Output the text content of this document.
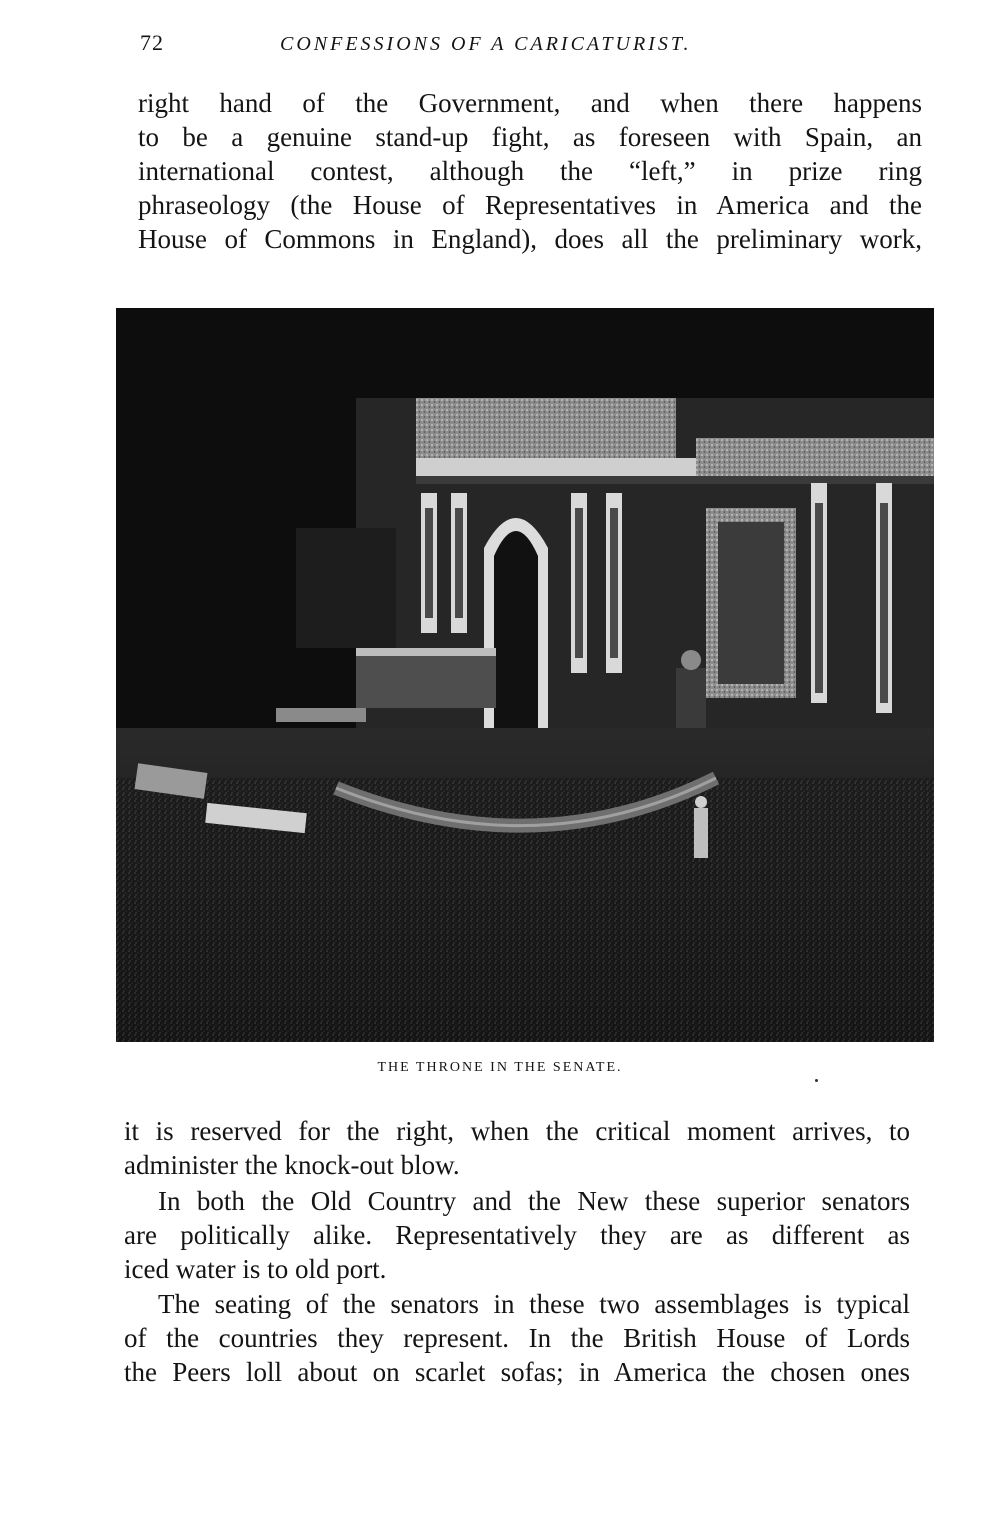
72	CONFESSIONS OF A CARICATURIST.
right hand of the Government, and when there happens
to be a genuine stand-up fight, as foreseen with Spain, an
international contest, although the “left,” in prize ring
phraseology (the House of Representatives in America and the
House of Commons in England), does all the preliminary work,
THE THRONE IN THE SENATE.
it is reserved for the right, when the critical moment arrives, to
administer the knock-out blow.
In both the Old Country and the New these superior senators
are politically alike. Representatively they are as different as
iced water is to old port.
The seating of the senators in these two assemblages is typical
of the countries they represent. In the British House of Lords
the Peers loll about on scarlet sofas; in America the chosen ones
